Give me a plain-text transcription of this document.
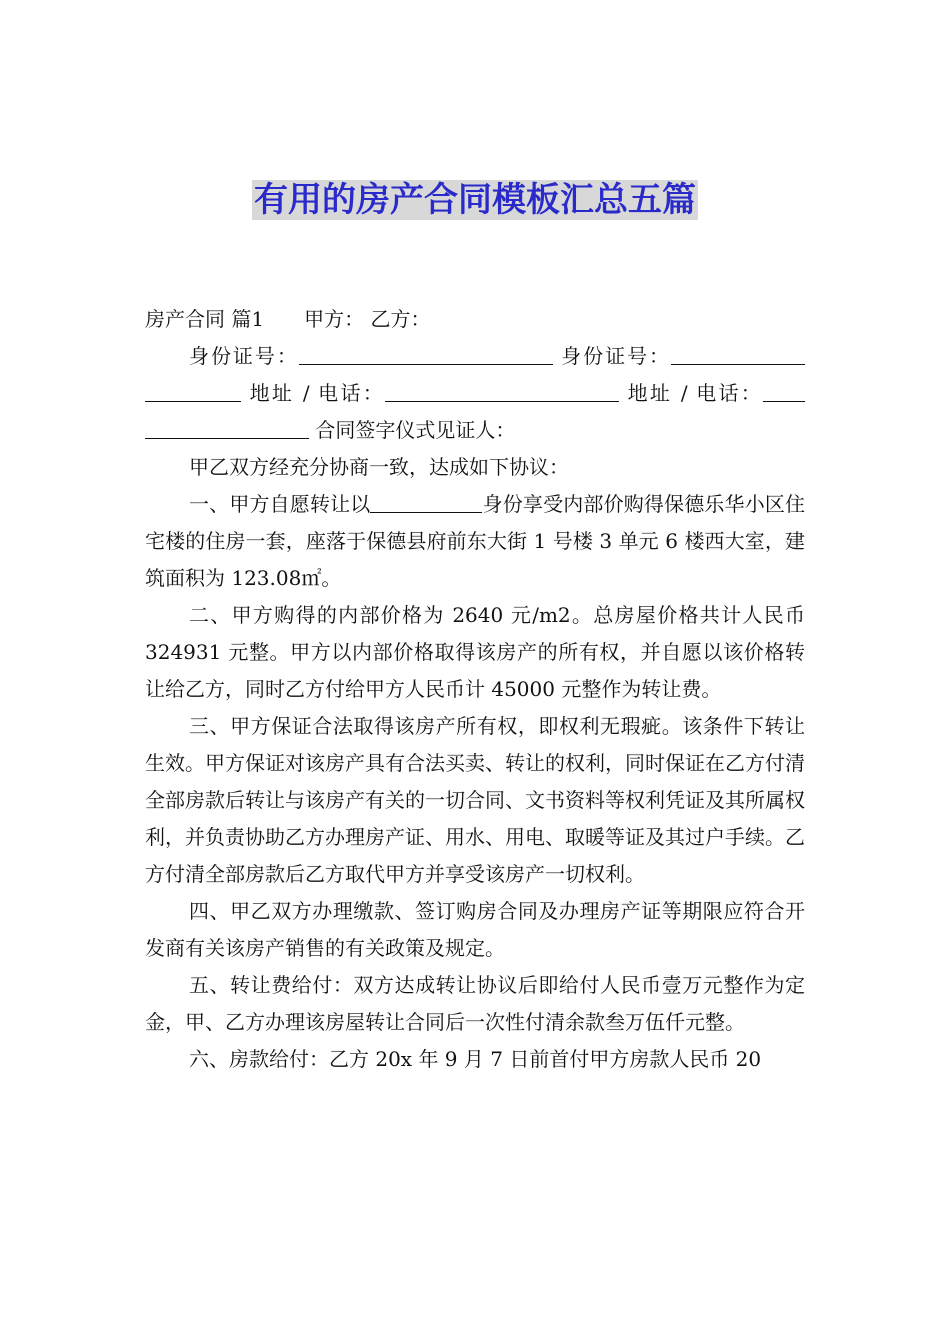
有用的房产合同模板汇总五篇

房产合同 篇1 甲方： 乙方：

身份证号：	身份证号： 地址 / 电话：	地址 / 电话： 合同签字仪式见证人：

甲乙双方经充分协商一致，达成如下协议：

一、甲方自愿转让以	身份享受内部价购得保德乐华小区住宅楼的住房一套，座落于保德县府前东大街 1 号楼 3 单元 6 楼西大室，建筑面积为 123.08㎡。

二、甲方购得的内部价格为 2640 元/m2。总房屋价格共计人民币 324931 元整。甲方以内部价格取得该房产的所有权，并自愿以该价格转让给乙方，同时乙方付给甲方人民币计 45000 元整作为转让费。

三、甲方保证合法取得该房产所有权，即权利无瑕疵。该条件下转让生效。甲方保证对该房产具有合法买卖、转让的权利，同时保证在乙方付清全部房款后转让与该房产有关的一切合同、文书资料等权利凭证及其所属权利，并负责协助乙方办理房产证、用水、用电、取暖等证及其过户手续。乙方付清全部房款后乙方取代甲方并享受该房产一切权利。

四、甲乙双方办理缴款、签订购房合同及办理房产证等期限应符合开发商有关该房产销售的有关政策及规定。

五、转让费给付：双方达成转让协议后即给付人民币壹万元整作为定金，甲、乙方办理该房屋转让合同后一次性付清余款叁万伍仟元整。

六、房款给付：乙方 20x 年 9 月 7 日前首付甲方房款人民币 20
